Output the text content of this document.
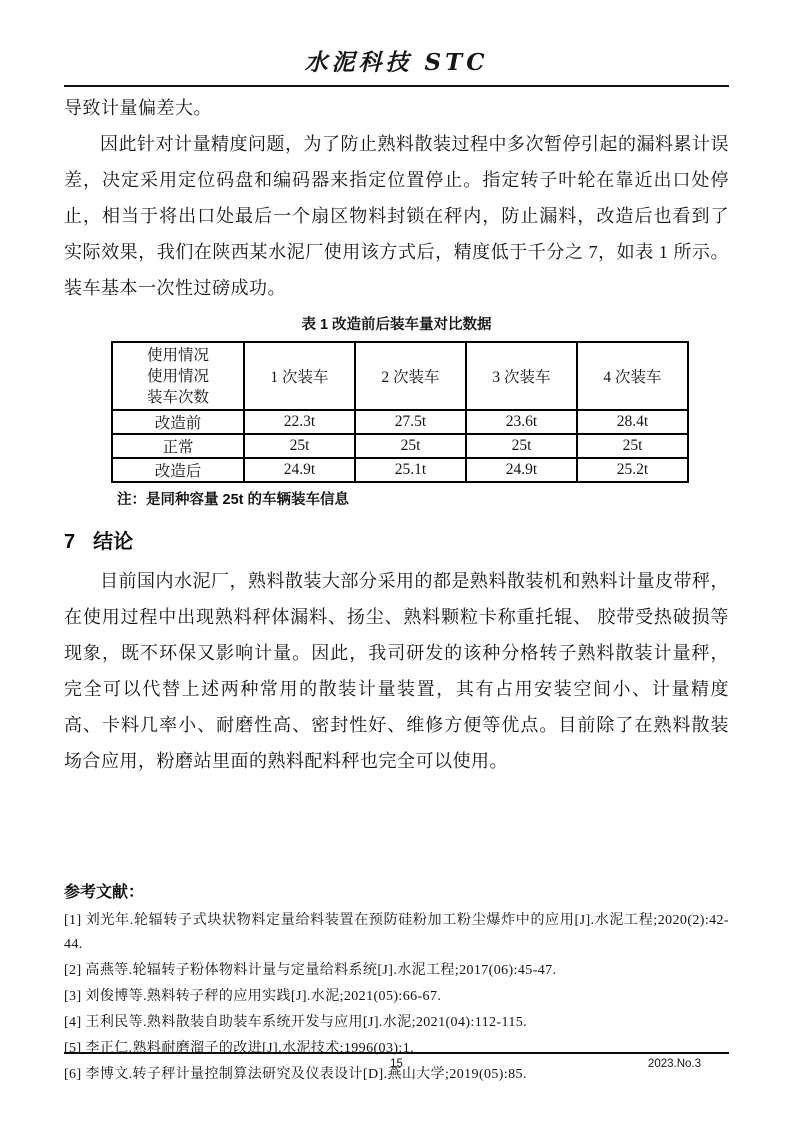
水泥科技 STC

导致计量偏差大。

因此针对计量精度问题，为了防止熟料散装过程中多次暂停引起的漏料累计误差，决定采用定位码盘和编码器来指定位置停止。指定转子叶轮在靠近出口处停止，相当于将出口处最后一个扇区物料封锁在秤内，防止漏料，改造后也看到了实际效果，我们在陕西某水泥厂使用该方式后，精度低于千分之 7，如表 1 所示。装车基本一次性过磅成功。

表 1 改造前后装车量对比数据
使用情况
使用情况
装车次数	1 次装车	2 次装车	3 次装车	4 次装车
改造前	22.3t	27.5t	23.6t	28.4t
正常	25t	25t	25t	25t
改造后	24.9t	25.1t	24.9t	25.2t
注：是同种容量 25t 的车辆装车信息
7 结论

目前国内水泥厂，熟料散装大部分采用的都是熟料散装机和熟料计量皮带秤，在使用过程中出现熟料秤体漏料、扬尘、熟料颗粒卡称重托辊、 胶带受热破损等现象，既不环保又影响计量。因此，我司研发的该种分格转子熟料散装计量秤，完全可以代替上述两种常用的散装计量装置，其有占用安装空间小、计量精度高、卡料几率小、耐磨性高、密封性好、维修方便等优点。目前除了在熟料散装场合应用，粉磨站里面的熟料配料秤也完全可以使用。

参考文献：
[1] 刘光年.轮辐转子式块状物料定量给料装置在预防硅粉加工粉尘爆炸中的应用[J].水泥工程;2020(2):42-44.
[2] 高燕等.轮辐转子粉体物料计量与定量给料系统[J].水泥工程;2017(06):45-47.
[3] 刘俊博等.熟料转子秤的应用实践[J].水泥;2021(05):66-67.
[4] 王利民等.熟料散装自助装车系统开发与应用[J].水泥;2021(04):112-115.
[5] 李正仁.熟料耐磨溜子的改进[J].水泥技术;1996(03):1.
[6] 李博文.转子秤计量控制算法研究及仪表设计[D].燕山大学;2019(05):85.
15	2023.No.3
